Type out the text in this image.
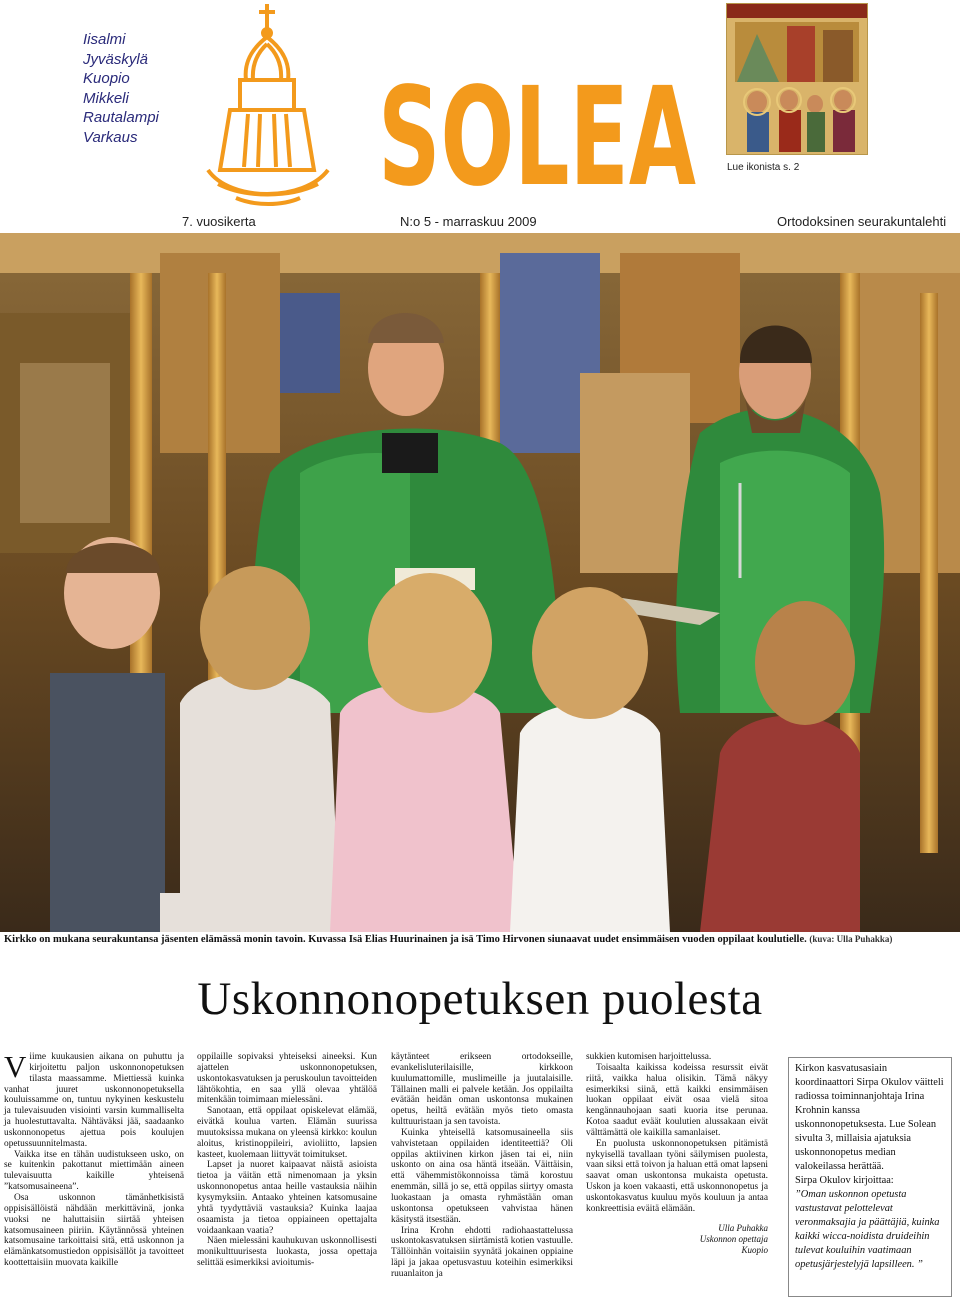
Iisalmi
Jyväskylä
Kuopio
Mikkeli
Rautalampi
Varkaus SOLEA	Lue ikonista s. 2
7. vuosikerta	N:o 5 - marraskuu 2009	Ortodoksinen seurakuntalehti
Kirkko on mukana seurakuntansa jäsenten elämässä monin tavoin. Kuvassa Isä Elias Huurinainen ja isä Timo Hirvonen siunaavat uudet ensimmäisen vuoden oppilaat koulutielle. (kuva: Ulla Puhakka)
Uskonnonopetuksen puolesta

Viime kuukausien aikana on puhuttu ja kirjoitettu paljon uskonnonopetuksen tilasta maassamme. Miettiessä kuinka vanhat juuret uskonnonopetuksella kouluissamme on, tuntuu nykyinen keskustelu ja tulevaisuuden visiointi varsin kummalliselta ja huolestuttavalta. Nähtäväksi jää, saadaanko uskonnonopetus ajettua pois koulujen opetussuunnitelmasta.

Vaikka itse en tähän uudistukseen usko, on se kuitenkin pakottanut miettimään aineen tulevaisuutta kaikille yhteisenä ”katsomusaineena”.

Osa uskonnon tämänhetkisistä oppisisällöistä nähdään merkittävinä, jonka vuoksi ne haluttaisiin siirtää yhteisen katsomusaineen piiriin. Käytännössä yhteinen katsomusaine tarkoittaisi sitä, että uskonnon ja elämänkatsomustiedon oppisisällöt ja tavoitteet koottettaisiin muovata kaikille

oppilaille sopivaksi yhteiseksi aineeksi. Kun ajattelen uskonnonopetuksen, uskontokasvatuksen ja peruskoulun tavoitteiden lähtökohtia, en saa yllä olevaa yhtälöä mitenkään toimimaan mielessäni.

Sanotaan, että oppilaat opiskelevat elämää, eivätkä koulua varten. Elämän suurissa muutoksissa mukana on yleensä kirkko: koulun aloitus, kristinoppileiri, avioliitto, lapsien kasteet, kuolemaan liittyvät toimitukset.

Lapset ja nuoret kaipaavat näistä asioista tietoa ja väitän että nimenomaan ja yksin uskonnonopetus antaa heille vastauksia näihin kysymyksiin. Antaako yhteinen katsomusaine yhtä tyydyttäviä vastauksia? Kuinka laajaa osaamista ja tietoa oppiaineen opettajalta voidaankaan vaatia?

Näen mielessäni kauhukuvan uskonnollisesti monikulttuurisesta luokasta, jossa opettaja selittää esimerkiksi avioitumis-

käytänteet erikseen ortodokseille, evankelisluterilaisille, kirkkoon kuulumattomille, muslimeille ja juutalaisille. Tällainen malli ei palvele ketään. Jos oppilailta evätään heidän oman uskontonsa mukainen opetus, heiltä evätään myös tieto omasta kulttuuristaan ja sen tavoista.

Kuinka yhteisellä katsomusaineella siis vahvistetaan oppilaiden identiteettiä? Oli oppilas aktiivinen kirkon jäsen tai ei, niin uskonto on aina osa häntä itseään. Väittäisin, että vähemmistökonnoissa tämä korostuu enemmän, sillä jo se, että oppilas siirtyy omasta luokastaan ja omasta ryhmästään oman uskontonsa opetukseen vahvistaa hänen käsitystä itsestään.

Irina Krohn ehdotti radiohaastattelussa uskontokasvatuksen siirtämistä kotien vastuulle. Tällöinhän voitaisiin syynätä jokainen oppiaine läpi ja jakaa opetusvastuu koteihin esimerkiksi ruuanlaiton ja

sukkien kutomisen harjoittelussa.

Toisaalta kaikissa kodeissa resurssit eivät riitä, vaikka halua olisikin. Tämä näkyy esimerkiksi siinä, että kaikki ensimmäisen luokan oppilaat eivät osaa vielä sitoa kengännauhojaan saati kuoria itse perunaa. Kotoa saadut eväät koulutien alussakaan eivät välttämättä ole kaikilla samanlaiset.

En puolusta uskonnonopetuksen pitämistä nykyisellä tavallaan työni säilymisen puolesta, vaan siksi että toivon ja haluan että omat lapseni saavat oman uskontonsa mukaista opetusta. Uskon ja koen vakaasti, että uskonnonopetus ja uskontokasvatus kuuluu myös kouluun ja antaa konkreettisia eväitä elämään.

Ulla Puhakka
Uskonnon opettaja
Kuopio

Kirkon kasvatusasiain koordinaattori Sirpa Okulov väitteli radiossa toiminnanjohtaja Irina Krohnin kanssa uskonnonopetuksesta. Lue Solean sivulta 3, millaisia ajatuksia uskonnonopetus median valokeilassa herättää.

Sirpa Okulov kirjoittaa:

”Oman uskonnon opetusta vastustavat pelottelevat veronmaksajia ja päättäjiä, kuinka kaikki wicca-noidista druideihin tulevat kouluihin vaatimaan opetusjärjestelyjä lapsilleen. ”
